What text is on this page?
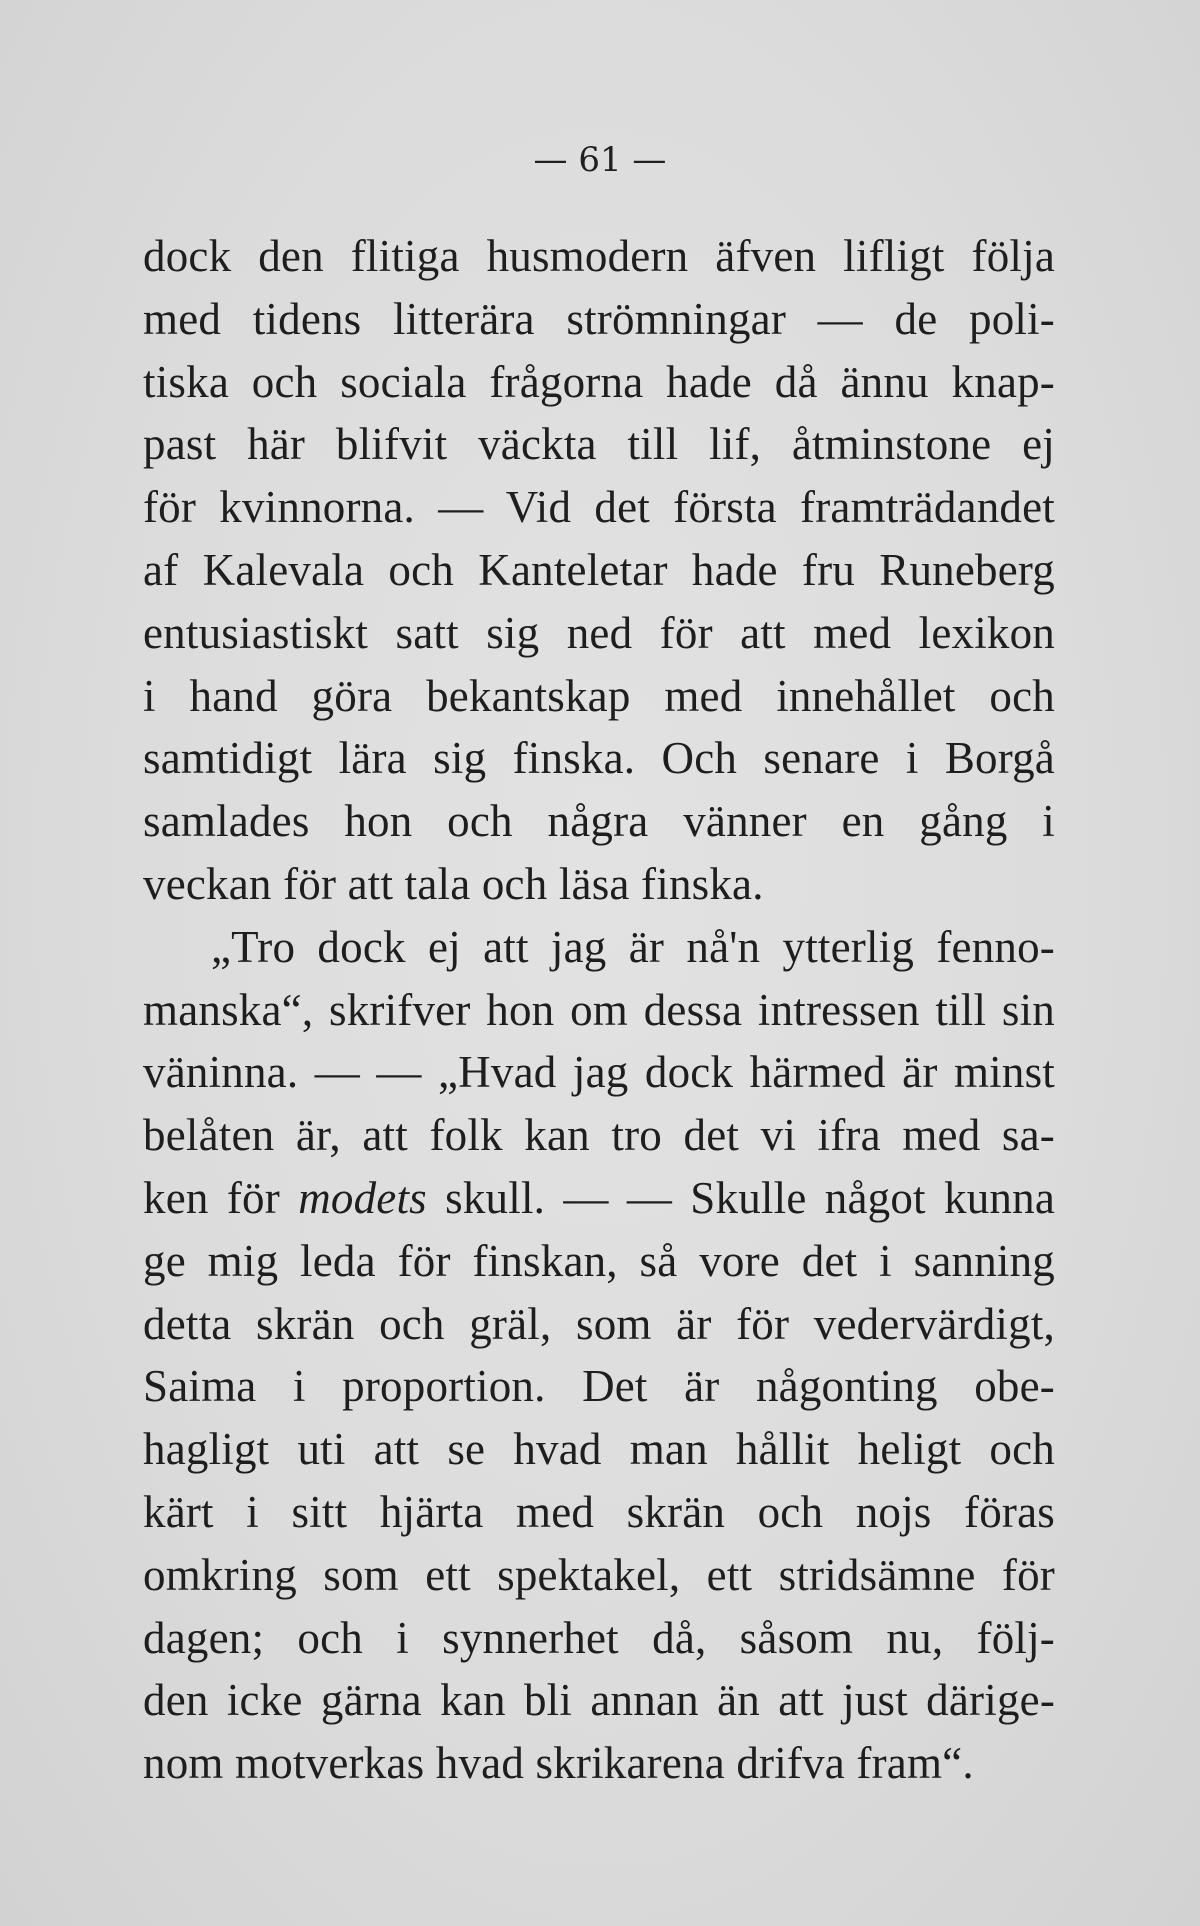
— 61 —
dock den flitiga husmodern äfven lifligt följa
med tidens litterära strömningar — de poli-
tiska och sociala frågorna hade då ännu knap-
past här blifvit väckta till lif, åtminstone ej
för kvinnorna. — Vid det första framträdandet
af Kalevala och Kanteletar hade fru Runeberg
entusiastiskt satt sig ned för att med lexikon
i hand göra bekantskap med innehållet och
samtidigt lära sig finska. Och senare i Borgå
samlades hon och några vänner en gång i
veckan för att tala och läsa finska.
„Tro dock ej att jag är nå'n ytterlig fenno-
manska“, skrifver hon om dessa intressen till sin
väninna. — — „Hvad jag dock härmed är minst
belåten är, att folk kan tro det vi ifra med sa-
ken för modets skull. — — Skulle något kunna
ge mig leda för finskan, så vore det i sanning
detta skrän och gräl, som är för vedervärdigt,
Saima i proportion. Det är någonting obe-
hagligt uti att se hvad man hållit heligt och
kärt i sitt hjärta med skrän och nojs föras
omkring som ett spektakel, ett stridsämne för
dagen; och i synnerhet då, såsom nu, följ-
den icke gärna kan bli annan än att just därige-
nom motverkas hvad skrikarena drifva fram“.
